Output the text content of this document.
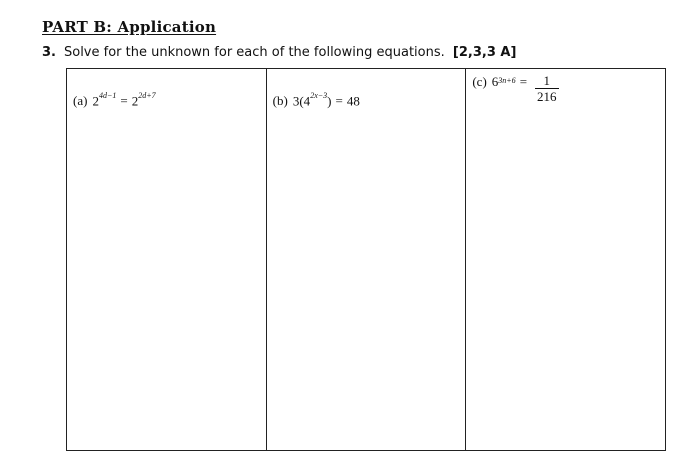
PART B: Application
3. Solve for the unknown for each of the following equations. [2,3,3 A]
(a) $2^{4d-1} = 2^{2d+7}$	(b) $3(4^{2x-3}) = 48$
(c) $6^{3n+6} = \frac{1}{216}$
